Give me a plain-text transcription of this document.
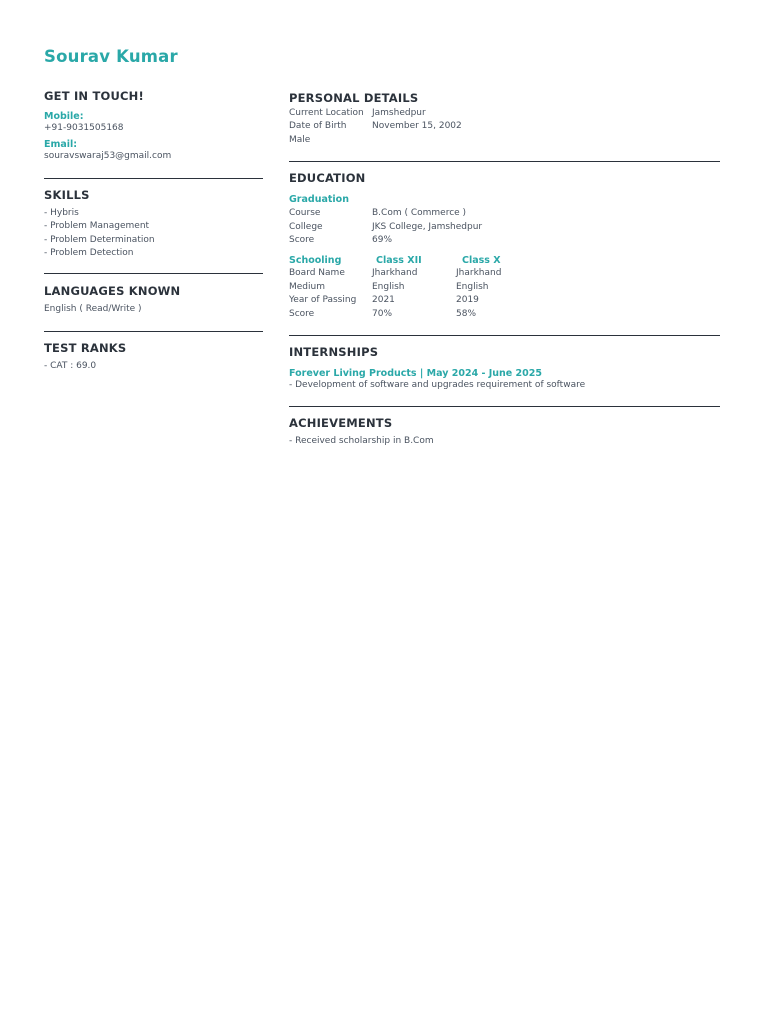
Sourav Kumar
GET IN TOUCH!
Mobile:
+91-9031505168
Email:
souravswaraj53@gmail.com
SKILLS
- Hybris
- Problem Management
- Problem Determination
- Problem Detection
LANGUAGES KNOWN
English ( Read/Write )
TEST RANKS
- CAT : 69.0
PERSONAL DETAILS
Current Location Jamshedpur
Date of Birth	November 15, 2002
Male
EDUCATION
Graduation
Course	B.Com ( Commerce )
College	JKS College, Jamshedpur
Score	69%
Schooling	Class XII	Class X
Board Name	Jharkhand	Jharkhand
Medium	English	English
Year of Passing	2021	2019
Score	70%	58%
INTERNSHIPS
Forever Living Products | May 2024 - June 2025
- Development of software and upgrades requirement of software
ACHIEVEMENTS
- Received scholarship in B.Com
